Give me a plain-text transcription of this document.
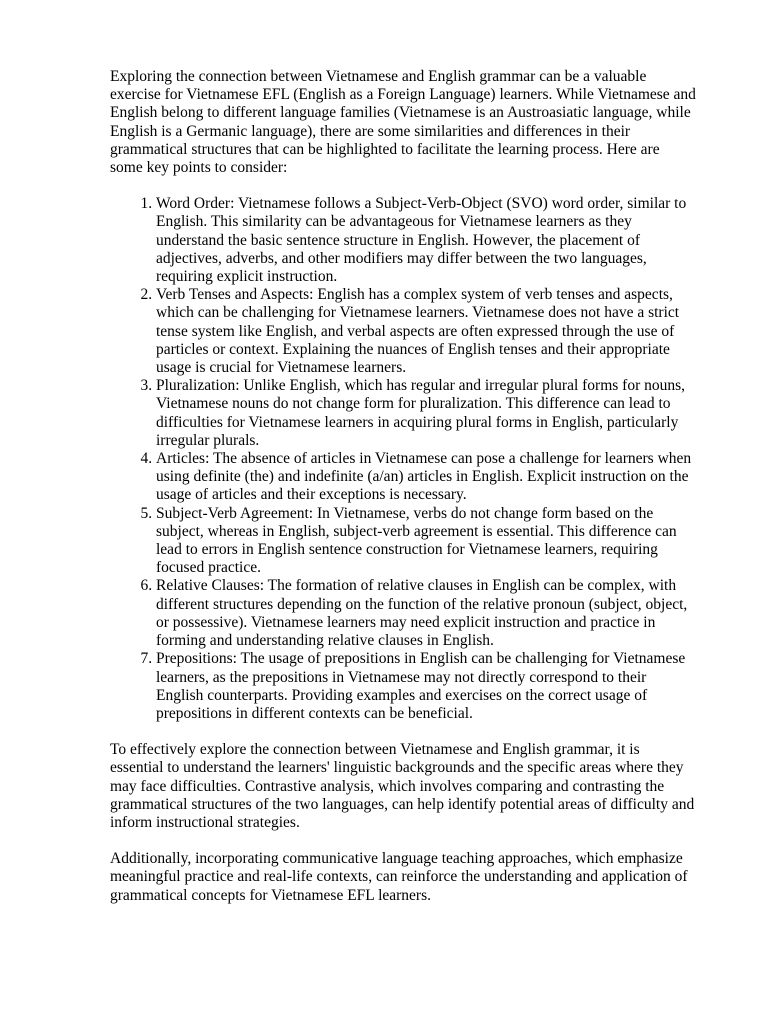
Exploring the connection between Vietnamese and English grammar can be a valuable exercise for Vietnamese EFL (English as a Foreign Language) learners. While Vietnamese and English belong to different language families (Vietnamese is an Austroasiatic language, while English is a Germanic language), there are some similarities and differences in their grammatical structures that can be highlighted to facilitate the learning process. Here are some key points to consider:

1. Word Order: Vietnamese follows a Subject-Verb-Object (SVO) word order, similar to English. This similarity can be advantageous for Vietnamese learners as they understand the basic sentence structure in English. However, the placement of adjectives, adverbs, and other modifiers may differ between the two languages, requiring explicit instruction.
2. Verb Tenses and Aspects: English has a complex system of verb tenses and aspects, which can be challenging for Vietnamese learners. Vietnamese does not have a strict tense system like English, and verbal aspects are often expressed through the use of particles or context. Explaining the nuances of English tenses and their appropriate usage is crucial for Vietnamese learners.
3. Pluralization: Unlike English, which has regular and irregular plural forms for nouns, Vietnamese nouns do not change form for pluralization. This difference can lead to difficulties for Vietnamese learners in acquiring plural forms in English, particularly irregular plurals.
4. Articles: The absence of articles in Vietnamese can pose a challenge for learners when using definite (the) and indefinite (a/an) articles in English. Explicit instruction on the usage of articles and their exceptions is necessary.
5. Subject-Verb Agreement: In Vietnamese, verbs do not change form based on the subject, whereas in English, subject-verb agreement is essential. This difference can lead to errors in English sentence construction for Vietnamese learners, requiring focused practice.
6. Relative Clauses: The formation of relative clauses in English can be complex, with different structures depending on the function of the relative pronoun (subject, object, or possessive). Vietnamese learners may need explicit instruction and practice in forming and understanding relative clauses in English.
7. Prepositions: The usage of prepositions in English can be challenging for Vietnamese learners, as the prepositions in Vietnamese may not directly correspond to their English counterparts. Providing examples and exercises on the correct usage of prepositions in different contexts can be beneficial.

To effectively explore the connection between Vietnamese and English grammar, it is essential to understand the learners' linguistic backgrounds and the specific areas where they may face difficulties. Contrastive analysis, which involves comparing and contrasting the grammatical structures of the two languages, can help identify potential areas of difficulty and inform instructional strategies.

Additionally, incorporating communicative language teaching approaches, which emphasize meaningful practice and real-life contexts, can reinforce the understanding and application of grammatical concepts for Vietnamese EFL learners.
